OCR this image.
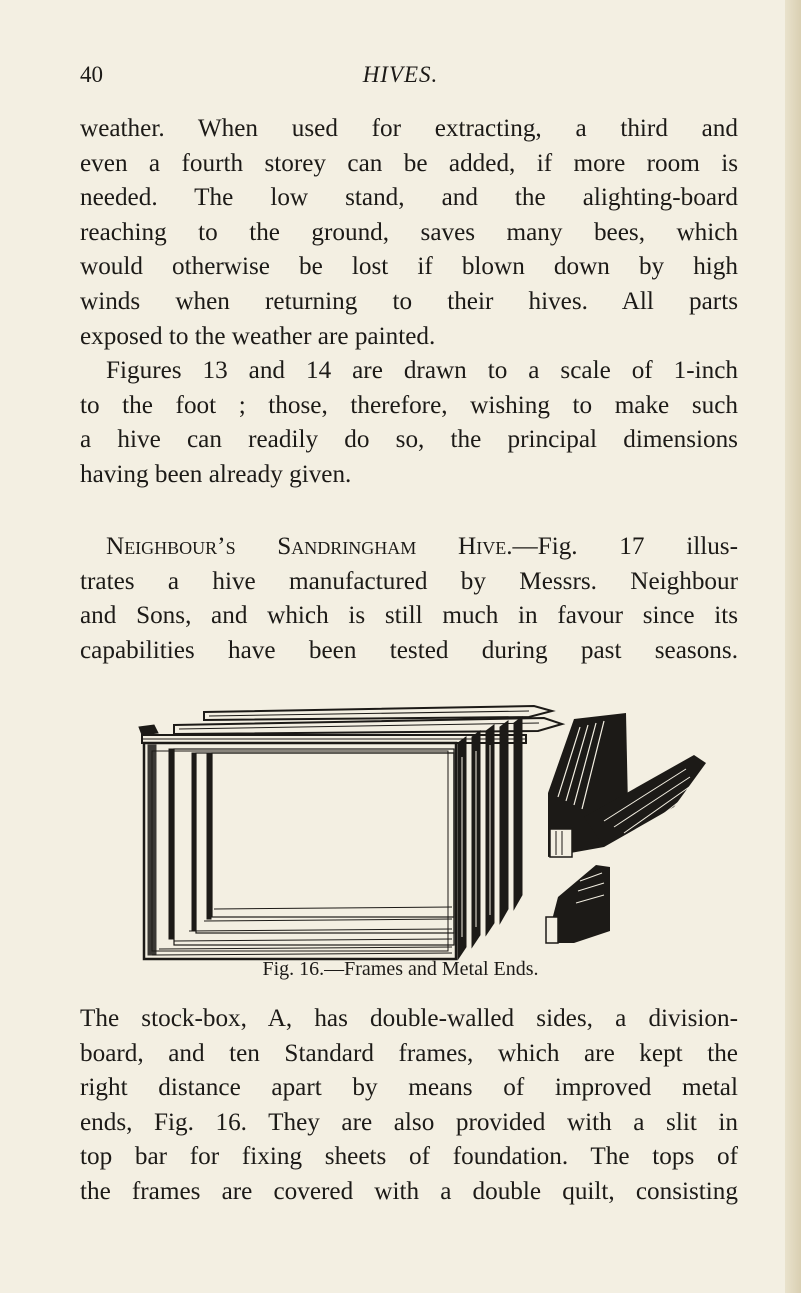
40	HIVES.

weather. When used for extracting, a third and
even a fourth storey can be added, if more room is
needed. The low stand, and the alighting-board
reaching to the ground, saves many bees, which
would otherwise be lost if blown down by high
winds when returning to their hives. All parts
exposed to the weather are painted.

Figures 13 and 14 are drawn to a scale of 1-inch
to the foot ; those, therefore, wishing to make such
a hive can readily do so, the principal dimensions
having been already given.

Neighbour’s Sandringham Hive.—Fig. 17 illus-
trates a hive manufactured by Messrs. Neighbour
and Sons, and which is still much in favour since its
capabilities have been tested during past seasons.

Fig. 16.—Frames and Metal Ends.

The stock-box, A, has double-walled sides, a division-
board, and ten Standard frames, which are kept the
right distance apart by means of improved metal
ends, Fig. 16. They are also provided with a slit in
top bar for fixing sheets of foundation. The tops of
the frames are covered with a double quilt, consisting
